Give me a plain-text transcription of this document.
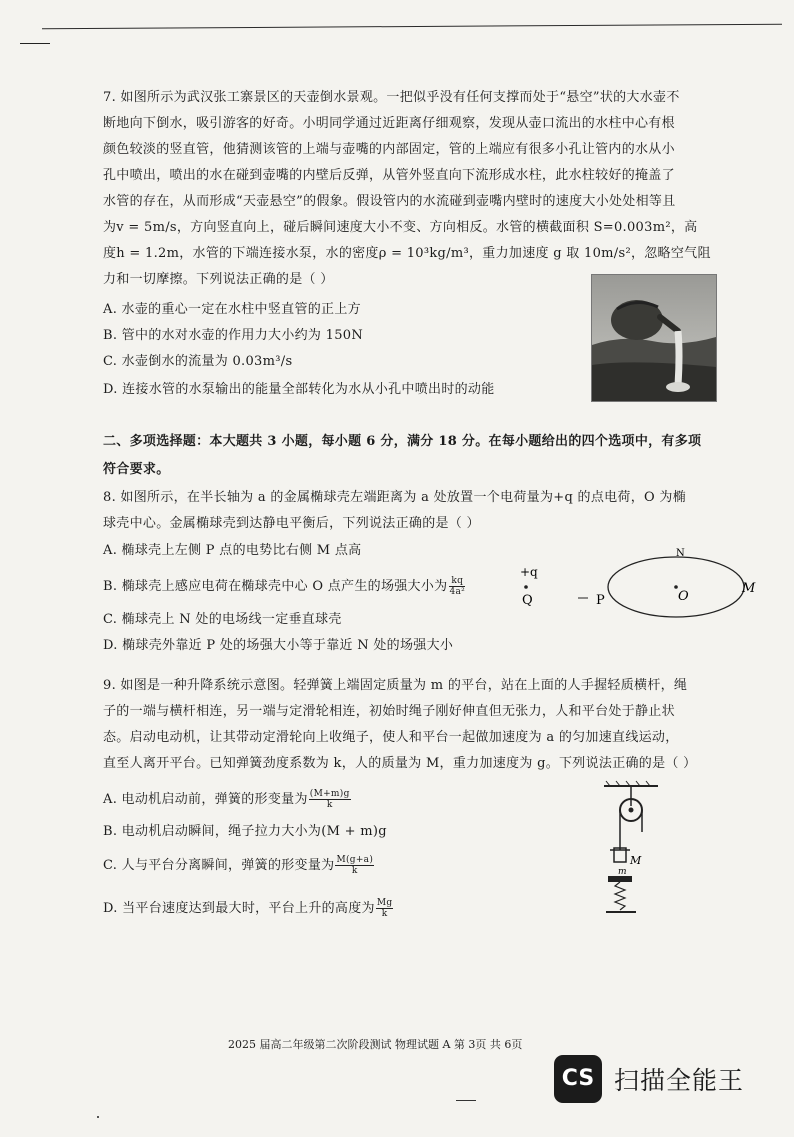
7. 如图所示为武汉张工寨景区的天壶倒水景观。一把似乎没有任何支撑而处于“悬空”状的大水壶不
断地向下倒水，吸引游客的好奇。小明同学通过近距离仔细观察，发现从壶口流出的水柱中心有根
颜色较淡的竖直管，他猜测该管的上端与壶嘴的内部固定，管的上端应有很多小孔让管内的水从小
孔中喷出，喷出的水在碰到壶嘴的内壁后反弹，从管外竖直向下流形成水柱，此水柱较好的掩盖了
水管的存在，从而形成“天壶悬空”的假象。假设管内的水流碰到壶嘴内壁时的速度大小处处相等且
为v = 5m/s，方向竖直向上，碰后瞬间速度大小不变、方向相反。水管的横截面积 S=0.003m²，高
度h = 1.2m，水管的下端连接水泵，水的密度ρ = 10³kg/m³，重力加速度 g 取 10m/s²，忽略空气阻
力和一切摩擦。下列说法正确的是（ ）
A. 水壶的重心一定在水柱中竖直管的正上方
B. 管中的水对水壶的作用力大小约为 150N
C. 水壶倒水的流量为 0.03m³/s
D. 连接水管的水泵输出的能量全部转化为水从小孔中喷出时的动能
二、多项选择题：本大题共 3 小题，每小题 6 分，满分 18 分。在每小题给出的四个选项中，有多项
符合要求。
8. 如图所示，在半长轴为 a 的金属椭球壳左端距离为 a 处放置一个电荷量为+q 的点电荷，O 为椭
球壳中心。金属椭球壳到达静电平衡后，下列说法正确的是（ ）
A. 椭球壳上左侧 P 点的电势比右侧 M 点高
B. 椭球壳上感应电荷在椭球壳中心 O 点产生的场强大小为 $\frac{kq}{\text{4a²}}$
C. 椭球壳上 N 处的电场线一定垂直球壳
D. 椭球壳外靠近 P 处的场强大小等于靠近 N 处的场强大小
+q
Q	P	O
M
N
9. 如图是一种升降系统示意图。轻弹簧上端固定质量为 m 的平台，站在上面的人手握轻质横杆，绳
子的一端与横杆相连，另一端与定滑轮相连，初始时绳子刚好伸直但无张力，人和平台处于静止状
态。启动电动机，让其带动定滑轮向上收绳子，使人和平台一起做加速度为 a 的匀加速直线运动，
直至人离开平台。已知弹簧劲度系数为 k，人的质量为 M，重力加速度为 g。下列说法正确的是（ ）
A. 电动机启动前，弹簧的形变量为 $\frac{(M+m)g}{k}$
B. 电动机启动瞬间，绳子拉力大小为(M + m)g
C. 人与平台分离瞬间，弹簧的形变量为 $\frac{M(g+a)}{k}$
D. 当平台速度达到最大时，平台上升的高度为 $\frac{Mg}{k}$
M
m
2025 届高二年级第二次阶段测试 物理试题 A 第 3页 共 6页
CS 扫描全能王
